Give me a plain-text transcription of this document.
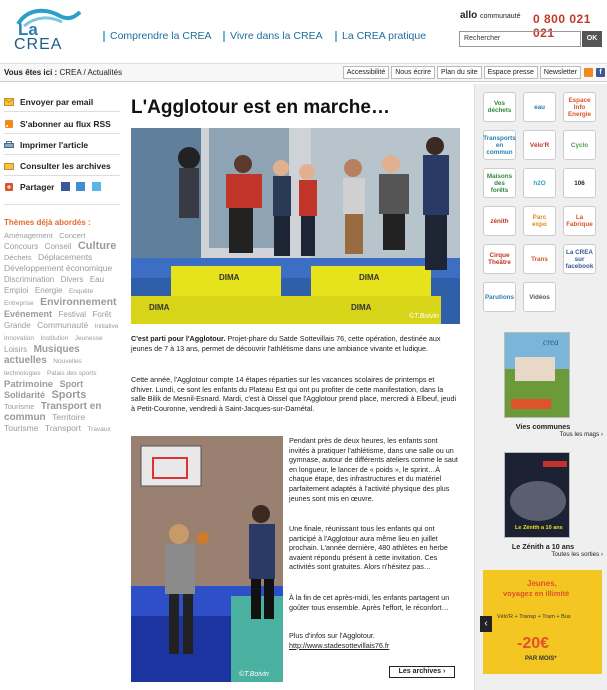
La
CREA	Comprendre la CREA Vivre dans la CREA La CREA pratique
allo communauté 0 800 021 021
Rechercher	OK
Vous êtes ici : CREA / Actualités	Accessibilité	Nous écrire	Plan du site	Espace presse	Newsletter	f
Envoyer par email
S'abonner au flux RSS
Imprimer l'article
Consulter les archives
Partager
Thèmes déjà abordés :
Aménagement Concert Concours Conseil Culture Déchets Déplacements Développement économique Discrimination Divers Eau Emploi Energie Enquête Entreprise Environnement Evénement Festival Forêt Grande Communauté Initiative Innovation Institution Jeunesse Loisirs Musiques actuelles Nouvelles technologies Palais des sports Patrimoine Sport Solidarité Sports Tourisme Transport en commun Territoire Tourisme Transport Travaux
L'Agglotour est en marche…
DIMA	DIMA
DIMA	DIMA
©T.Boivin
C'est parti pour l'Agglotour. Projet-phare du Satde Sottevillais 76, cette opération, destinée aux jeunes de 7 à 13 ans, permet de découvrir l'athlétisme dans une ambiance vivante et ludique.
Cette année, l'Agglotour compte 14 étapes réparties sur les vacances scolaires de printemps et d'hiver. Lundi, ce sont les enfants du Plateau Est qui ont pu profiter de cette manifestation, dans la salle Bilik de Mesnil-Esnard. Mardi, c'est à Oissel que l'Agglotour prend place, mercredi à Elbeuf, jeudi à Petit-Couronne, vendredi à Saint-Jacques-sur-Darnétal.
©T.Boivin
Pendant près de deux heures, les enfants sont invités à pratiquer l'athlétisme, dans une salle ou un gymnase, autour de différents ateliers comme le saut en longueur, le lancer de « poids », le sprint…À chaque étape, des infrastructures et du matériel parfaitement adaptés à l'activité physique des plus jeunes sont mis en œuvre.
Une finale, réunissant tous les enfants qui ont participé à l'Agglotour aura même lieu en juillet prochain. L'année dernière, 480 athlètes en herbe avaient répondu présent à cette invitation. Ces activités sont gratuites. Alors n'hésitez pas…
À la fin de cet après-midi, les enfants partagent un goûter tous ensemble. Après l'effort, le réconfort…
Plus d'infos sur l'Agglotour.
http://www.stadesottevillais76.fr
Les archives ›
Vos déchets	eau
Espace Info Energie
Transports en commun
Vélo'R	Cyclo
Maisons des forêts
h2O	106
zénith	Parc expo
La Fabrique
Cirque Théâtre	Trans
La CREA sur facebook
Parutions	Vidéos
crea
Vies communes
Tous les mags ›
Le Zénith a 10 ans
Le Zénith a 10 ans
Toutes les sorties ›
Jeunes,
voyagez en illimité
Vélo'R + Transp + Tram + Bus
-20€
PAR MOIS*
‹
